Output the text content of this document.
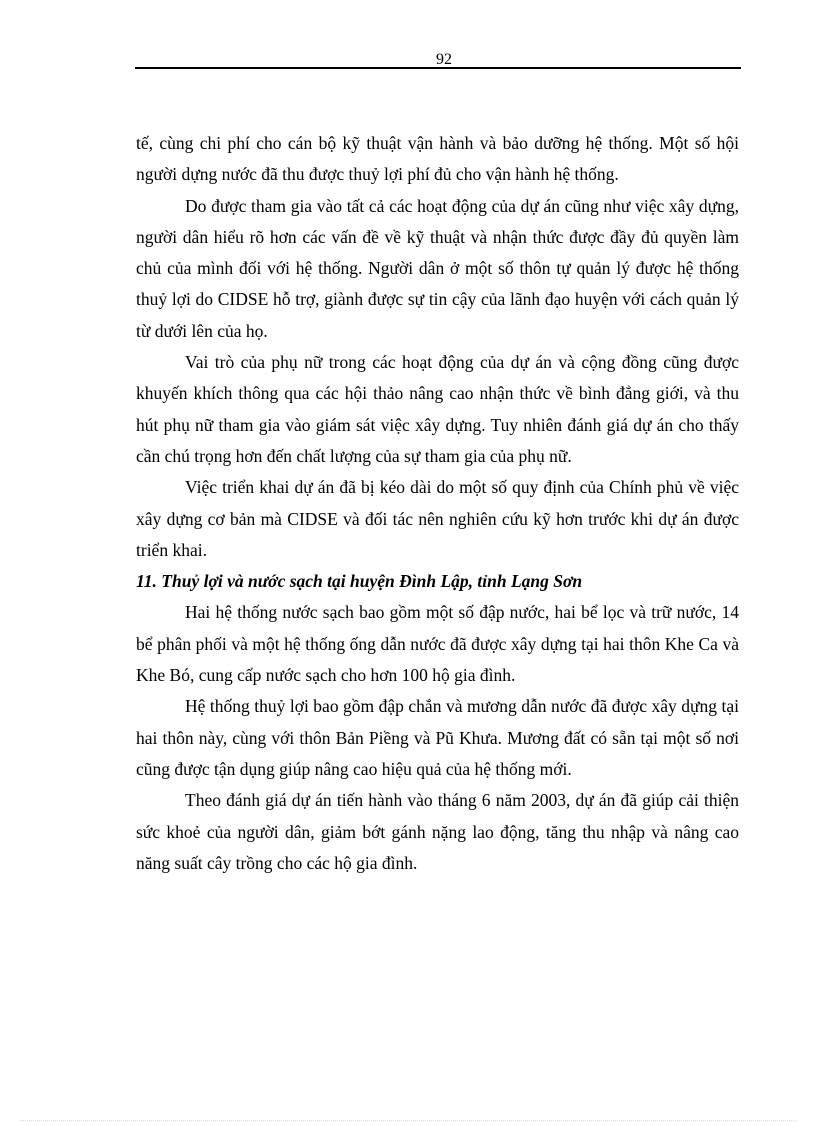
92

tế, cùng chi phí cho cán bộ kỹ thuật vận hành và bảo dưỡng hệ thống. Một số hội người dựng nước đã thu được thuỷ lợi phí đủ cho vận hành hệ thống.

Do được tham gia vào tất cả các hoạt động của dự án cũng như việc xây dựng, người dân hiểu rõ hơn các vấn đề về kỹ thuật và nhận thức được đầy đủ quyền làm chủ của mình đối với hệ thống. Người dân ở một số thôn tự quản lý được hệ thống thuỷ lợi do CIDSE hỗ trợ, giành được sự tin cậy của lãnh đạo huyện với cách quản lý từ dưới lên của họ.

Vai trò của phụ nữ trong các hoạt động của dự án và cộng đồng cũng được khuyến khích thông qua các hội thảo nâng cao nhận thức về bình đẳng giới, và thu hút phụ nữ tham gia vào giám sát việc xây dựng. Tuy nhiên đánh giá dự án cho thấy cần chú trọng hơn đến chất lượng của sự tham gia của phụ nữ.

Việc triển khai dự án đã bị kéo dài do một số quy định của Chính phủ về việc xây dựng cơ bản mà CIDSE và đối tác nên nghiên cứu kỹ hơn trước khi dự án được triển khai.

11. Thuỷ lợi và nước sạch tại huyện Đình Lập, tỉnh Lạng Sơn

Hai hệ thống nước sạch bao gồm một số đập nước, hai bể lọc và trữ nước, 14 bể phân phối và một hệ thống ống dẫn nước đã được xây dựng tại hai thôn Khe Ca và Khe Bó, cung cấp nước sạch cho hơn 100 hộ gia đình.

Hệ thống thuỷ lợi bao gồm đập chắn và mương dẫn nước đã được xây dựng tại hai thôn này, cùng với thôn Bản Piềng và Pũ Khưa. Mương đất có sẵn tại một số nơi cũng được tận dụng giúp nâng cao hiệu quả của hệ thống mới.

Theo đánh giá dự án tiến hành vào tháng 6 năm 2003, dự án đã giúp cải thiện sức khoẻ của người dân, giảm bớt gánh nặng lao động, tăng thu nhập và nâng cao năng suất cây trồng cho các hộ gia đình.
